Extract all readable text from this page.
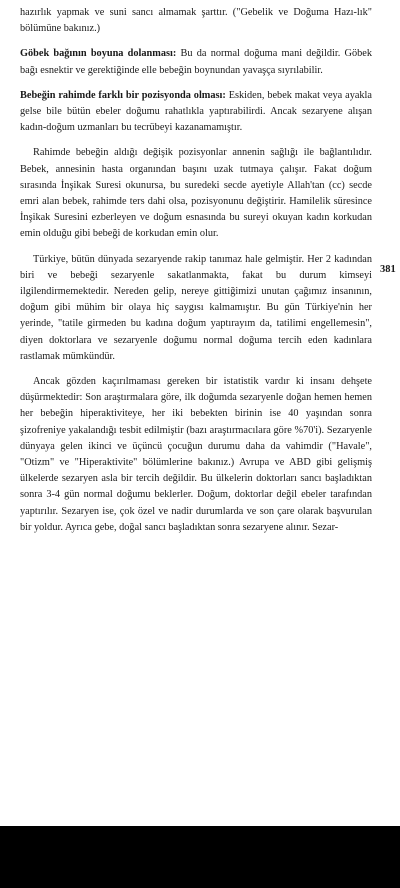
hazırlık yapmak ve suni sancı almamak şarttır. ("Gebelik ve Doğuma Hazı-lık" bölümüne bakınız.)

Göbek bağının boyuna dolanması: Bu da normal doğuma mani değildir. Göbek bağı esnektir ve gerektiğinde elle bebeğin boynundan yavaşça sıyrılabilir.

Bebeğin rahimde farklı bir pozisyonda olması: Eskiden, bebek makat veya ayakla gelse bile bütün ebeler doğumu rahatlıkla yaptırabilirdi. Ancak sezaryene alışan kadın-doğum uzmanları bu tecrübeyi kazanamamıştır.

Rahimde bebeğin aldığı değişik pozisyonlar annenin sağlığı ile bağlantılıdır. Bebek, annesinin hasta organından başını uzak tutmaya çalışır. Fakat doğum sırasında İnşikak Suresi okunursa, bu suredeki secde ayetiyle Allah'tan (cc) secde emri alan bebek, rahimde ters dahi olsa, pozisyonunu değiştirir. Hamilelik süresince İnşikak Suresini ezberleyen ve doğum esnasında bu sureyi okuyan kadın korkudan emin olduğu gibi bebeği de korkudan emin olur.

Türkiye, bütün dünyada sezaryende rakip tanımaz hale gelmiştir. Her 2 kadından biri ve bebeği sezaryenle sakatlanmakta, fakat bu durum kimseyi ilgilendirmemektedir. Nereden gelip, nereye gittiğimizi unutan çağımız insanının, doğum gibi mühim bir olaya hiç saygısı kalmamıştır. Bu gün Türkiye'nin her yerinde, "tatile girmeden bu kadına doğum yaptırayım da, tatilimi engellemesin", diyen doktorlara ve sezaryenle doğumu normal doğuma tercih eden kadınlara rastlamak mümkündür.

Ancak gözden kaçırılmaması gereken bir istatistik vardır ki insanı dehşete düşürmektedir: Son araştırmalara göre, ilk doğumda sezaryenle doğan hemen hemen her bebeğin hiperaktiviteye, her iki bebekten birinin ise 40 yaşından sonra şizofreniye yakalandığı tesbit edilmiştir (bazı araştırmacılara göre %70'i). Sezaryenle dünyaya gelen ikinci ve üçüncü çocuğun durumu daha da vahimdir ("Havale", "Otizm" ve "Hiperaktivite" bölümlerine bakınız.) Avrupa ve ABD gibi gelişmiş ülkelerde sezaryen asla bir tercih değildir. Bu ülkelerin doktorları sancı başladıktan sonra 3-4 gün normal doğumu beklerler. Doğum, doktorlar değil ebeler tarafından yaptırılır. Sezaryen ise, çok özel ve nadir durumlarda ve son çare olarak başvurulan bir yoldur. Ayrıca gebe, doğal sancı başladıktan sonra sezaryene alınır. Sezar-

381
